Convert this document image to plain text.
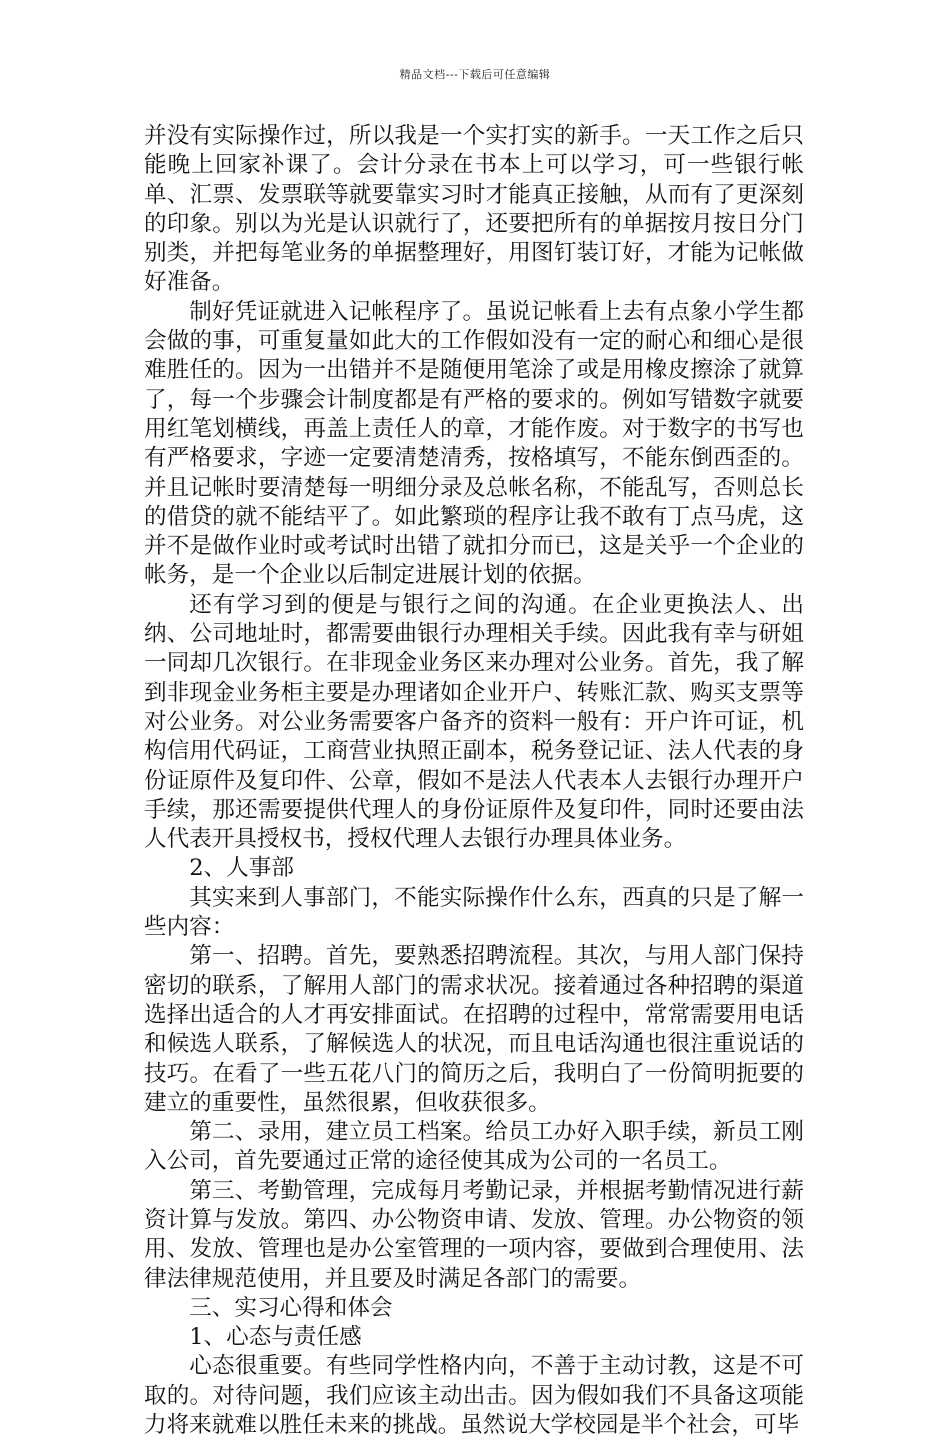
精品文档---下载后可任意编辑

并没有实际操作过，所以我是一个实打实的新手。一天工作之后只能晚上回家补课了。会计分录在书本上可以学习，可一些银行帐单、汇票、发票联等就要靠实习时才能真正接触，从而有了更深刻的印象。别以为光是认识就行了，还要把所有的单据按月按日分门别类，并把每笔业务的单据整理好，用图钉装订好，才能为记帐做好准备。

制好凭证就进入记帐程序了。虽说记帐看上去有点象小学生都会做的事，可重复量如此大的工作假如没有一定的耐心和细心是很难胜任的。因为一出错并不是随便用笔涂了或是用橡皮擦涂了就算了，每一个步骤会计制度都是有严格的要求的。例如写错数字就要用红笔划横线，再盖上责任人的章，才能作废。对于数字的书写也有严格要求，字迹一定要清楚清秀，按格填写，不能东倒西歪的。并且记帐时要清楚每一明细分录及总帐名称，不能乱写，否则总长的借贷的就不能结平了。如此繁琐的程序让我不敢有丁点马虎，这并不是做作业时或考试时出错了就扣分而已，这是关乎一个企业的帐务，是一个企业以后制定进展计划的依据。

还有学习到的便是与银行之间的沟通。在企业更换法人、出纳、公司地址时，都需要曲银行办理相关手续。因此我有幸与研姐一同却几次银行。在非现金业务区来办理对公业务。首先，我了解到非现金业务柜主要是办理诸如企业开户、转账汇款、购买支票等对公业务。对公业务需要客户备齐的资料一般有：开户许可证，机构信用代码证，工商营业执照正副本，税务登记证、法人代表的身份证原件及复印件、公章，假如不是法人代表本人去银行办理开户手续，那还需要提供代理人的身份证原件及复印件，同时还要由法人代表开具授权书，授权代理人去银行办理具体业务。

2、人事部

其实来到人事部门，不能实际操作什么东，西真的只是了解一些内容：

第一、招聘。首先，要熟悉招聘流程。其次，与用人部门保持密切的联系，了解用人部门的需求状况。接着通过各种招聘的渠道选择出适合的人才再安排面试。在招聘的过程中，常常需要用电话和候选人联系，了解候选人的状况，而且电话沟通也很注重说话的技巧。在看了一些五花八门的简历之后，我明白了一份简明扼要的建立的重要性，虽然很累，但收获很多。

第二、录用，建立员工档案。给员工办好入职手续，新员工刚入公司，首先要通过正常的途径使其成为公司的一名员工。

第三、考勤管理，完成每月考勤记录，并根据考勤情况进行薪资计算与发放。第四、办公物资申请、发放、管理。办公物资的领用、发放、管理也是办公室管理的一项内容，要做到合理使用、法律法律规范使用，并且要及时满足各部门的需要。

三、实习心得和体会

1、心态与责任感

心态很重要。有些同学性格内向，不善于主动讨教，这是不可取的。对待问题，我们应该主动出击。因为假如我们不具备这项能力将来就难以胜任未来的挑战。虽然说大学校园是半个社会，可毕
